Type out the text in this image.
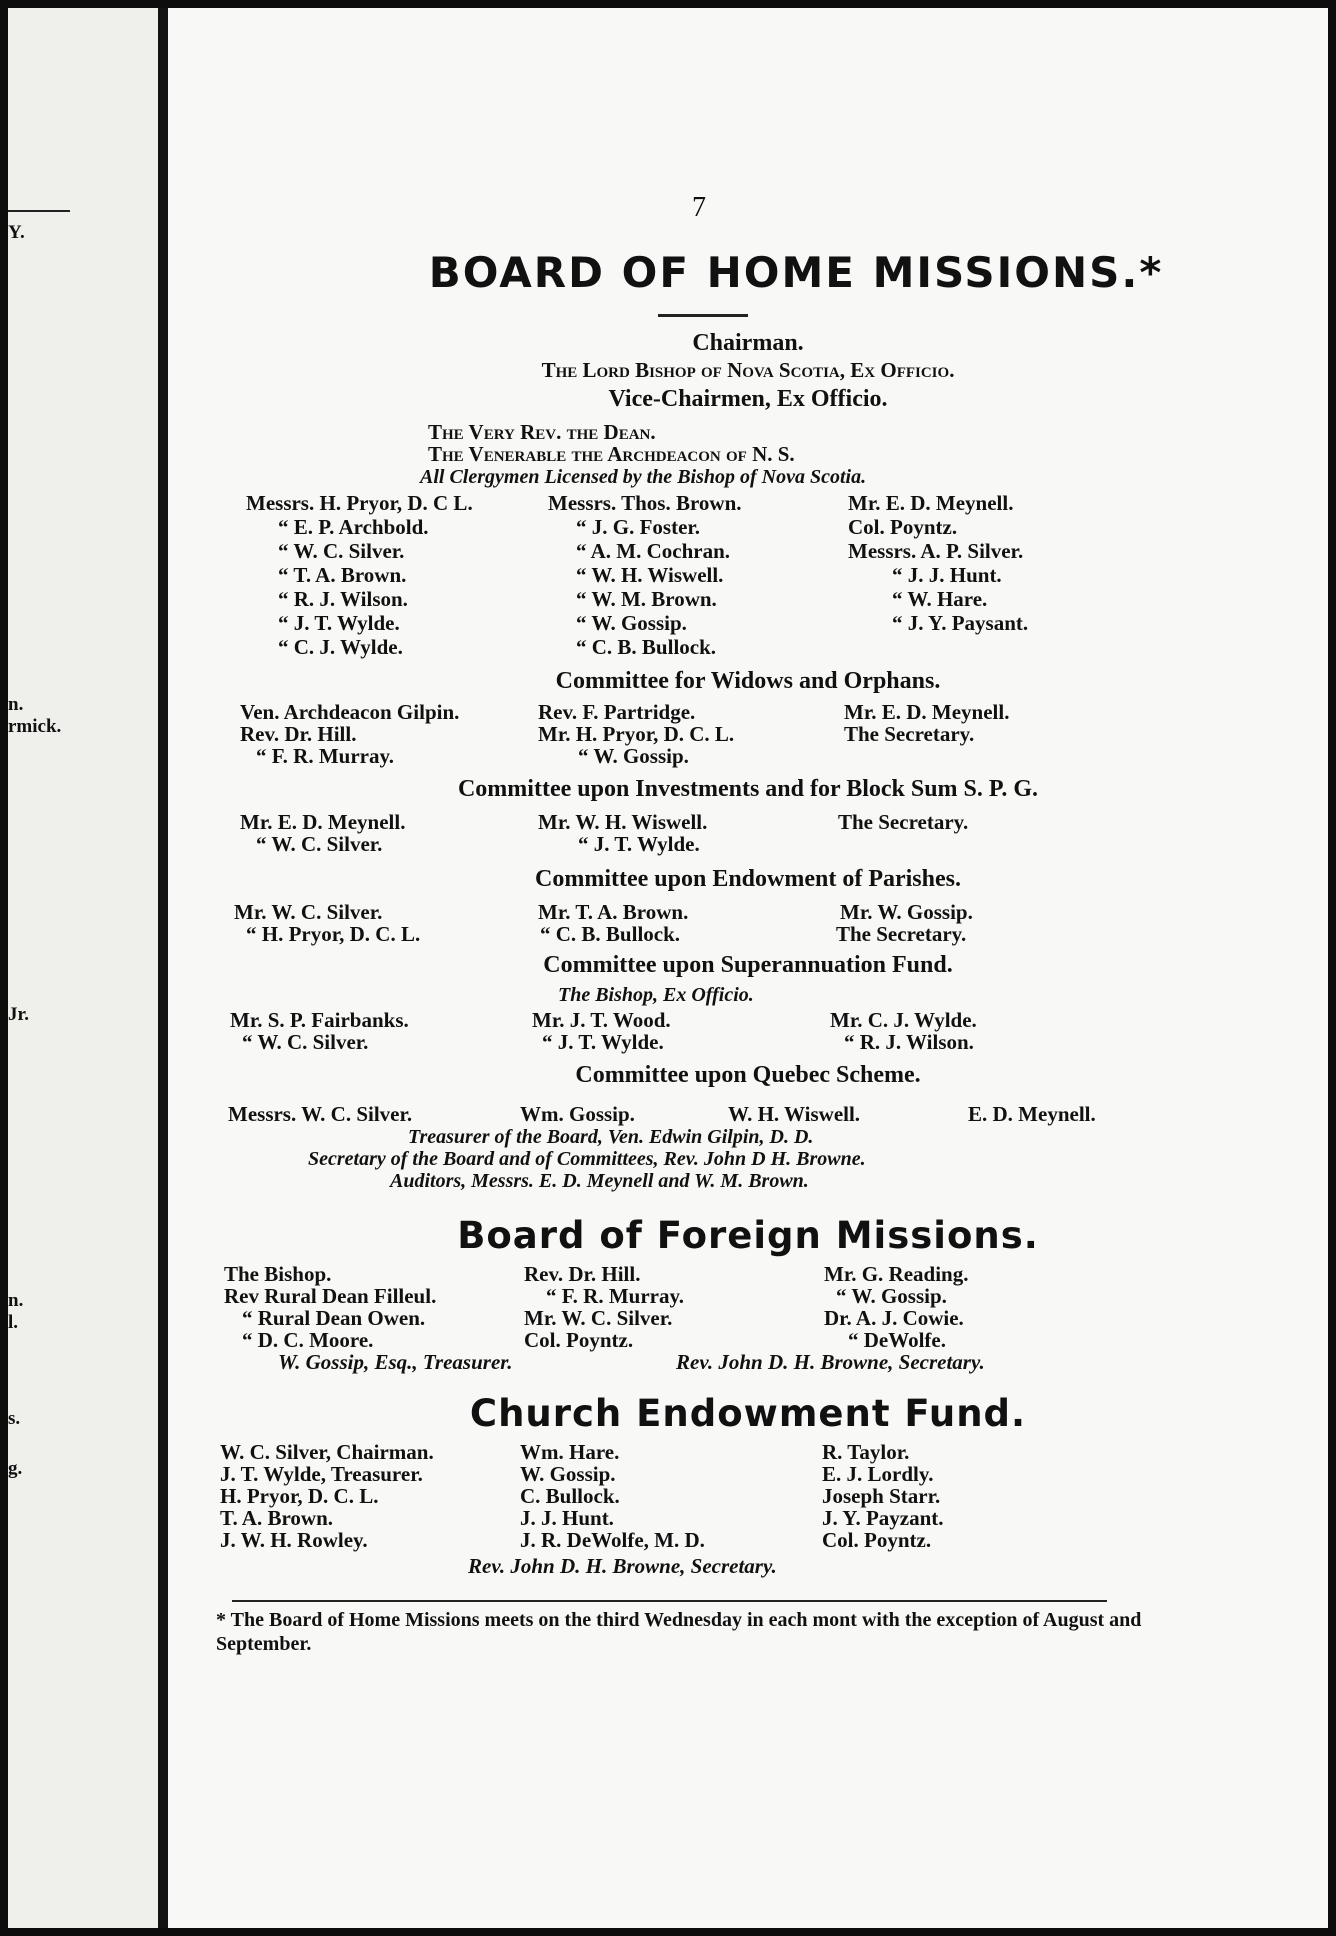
Y.
n.
rmick.
Jr.
n.
l.
s.
g.
7
BOARD OF HOME MISSIONS.*
Chairman.
The Lord Bishop of Nova Scotia, Ex Officio.
Vice-Chairmen, Ex Officio.
The Very Rev. the Dean.
The Venerable the Archdeacon of N. S.
All Clergymen Licensed by the Bishop of Nova Scotia.
Messrs. H. Pryor, D. C L.	Messrs. Thos. Brown.	Mr. E. D. Meynell.
“ E. P. Archbold.	“ J. G. Foster.	Col. Poyntz.
“ W. C. Silver.	“ A. M. Cochran.	Messrs. A. P. Silver.
“ T. A. Brown.	“ W. H. Wiswell.	“ J. J. Hunt.
“ R. J. Wilson.	“ W. M. Brown.	“ W. Hare.
“ J. T. Wylde.	“ W. Gossip.	“ J. Y. Paysant.
“ C. J. Wylde.	“ C. B. Bullock.
Committee for Widows and Orphans.
Ven. Archdeacon Gilpin.	Rev. F. Partridge.	Mr. E. D. Meynell.
Rev. Dr. Hill.	Mr. H. Pryor, D. C. L.	The Secretary.
“ F. R. Murray.	“ W. Gossip.
Committee upon Investments and for Block Sum S. P. G.
Mr. E. D. Meynell.	Mr. W. H. Wiswell.	The Secretary.
“ W. C. Silver.	“ J. T. Wylde.
Committee upon Endowment of Parishes.
Mr. W. C. Silver.	Mr. T. A. Brown.	Mr. W. Gossip.
“ H. Pryor, D. C. L.	“ C. B. Bullock.	The Secretary.
Committee upon Superannuation Fund.
The Bishop, Ex Officio.
Mr. S. P. Fairbanks.	Mr. J. T. Wood.	Mr. C. J. Wylde.
“ W. C. Silver.	“ J. T. Wylde.	“ R. J. Wilson.
Committee upon Quebec Scheme.
Messrs. W. C. Silver.	Wm. Gossip.	W. H. Wiswell.	E. D. Meynell.
Treasurer of the Board, Ven. Edwin Gilpin, D. D.
Secretary of the Board and of Committees, Rev. John D H. Browne.
Auditors, Messrs. E. D. Meynell and W. M. Brown.
Board of Foreign Missions.
The Bishop.	Rev. Dr. Hill.	Mr. G. Reading.
Rev Rural Dean Filleul.	“ F. R. Murray.	“ W. Gossip.
“ Rural Dean Owen.	Mr. W. C. Silver.	Dr. A. J. Cowie.
“ D. C. Moore.	Col. Poyntz.	“ DeWolfe.
W. Gossip, Esq., Treasurer.	Rev. John D. H. Browne, Secretary.
Church Endowment Fund.
W. C. Silver, Chairman.	Wm. Hare.	R. Taylor.
J. T. Wylde, Treasurer.	W. Gossip.	E. J. Lordly.
H. Pryor, D. C. L.	C. Bullock.	Joseph Starr.
T. A. Brown.	J. J. Hunt.	J. Y. Payzant.
J. W. H. Rowley.	J. R. DeWolfe, M. D.	Col. Poyntz.
Rev. John D. H. Browne, Secretary.
* The Board of Home Missions meets on the third Wednesday in each mont with the exception of August and September.
